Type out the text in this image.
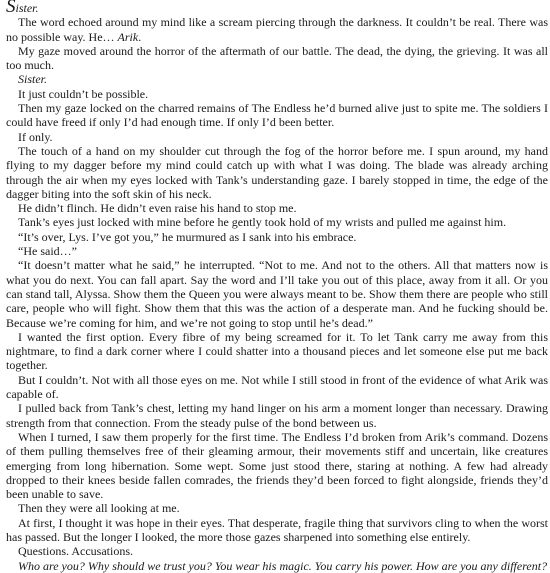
Sister.

The word echoed around my mind like a scream piercing through the darkness. It couldn’t be real. There was no possible way. He… Arik.

My gaze moved around the horror of the aftermath of our battle. The dead, the dying, the grieving. It was all too much.

Sister.

It just couldn’t be possible.

Then my gaze locked on the charred remains of The Endless he’d burned alive just to spite me. The soldiers I could have freed if only I’d had enough time. If only I’d been better.

If only.

The touch of a hand on my shoulder cut through the fog of the horror before me. I spun around, my hand flying to my dagger before my mind could catch up with what I was doing. The blade was already arching through the air when my eyes locked with Tank’s understanding gaze. I barely stopped in time, the edge of the dagger biting into the soft skin of his neck.

He didn’t flinch. He didn’t even raise his hand to stop me.

Tank’s eyes just locked with mine before he gently took hold of my wrists and pulled me against him.

“It’s over, Lys. I’ve got you,” he murmured as I sank into his embrace.

“He said…”

“It doesn’t matter what he said,” he interrupted. “Not to me. And not to the others. All that matters now is what you do next. You can fall apart. Say the word and I’ll take you out of this place, away from it all. Or you can stand tall, Alyssa. Show them the Queen you were always meant to be. Show them there are people who still care, people who will fight. Show them that this was the action of a desperate man. And he fucking should be. Because we’re coming for him, and we’re not going to stop until he’s dead.”

I wanted the first option. Every fibre of my being screamed for it. To let Tank carry me away from this nightmare, to find a dark corner where I could shatter into a thousand pieces and let someone else put me back together.

But I couldn’t. Not with all those eyes on me. Not while I still stood in front of the evidence of what Arik was capable of.

I pulled back from Tank’s chest, letting my hand linger on his arm a moment longer than necessary. Drawing strength from that connection. From the steady pulse of the bond between us.

When I turned, I saw them properly for the first time. The Endless I’d broken from Arik’s command. Dozens of them pulling themselves free of their gleaming armour, their movements stiff and uncertain, like creatures emerging from long hibernation. Some wept. Some just stood there, staring at nothing. A few had already dropped to their knees beside fallen comrades, the friends they’d been forced to fight alongside, friends they’d been unable to save.

Then they were all looking at me.

At first, I thought it was hope in their eyes. That desperate, fragile thing that survivors cling to when the worst has passed. But the longer I looked, the more those gazes sharpened into something else entirely.

Questions. Accusations.

Who are you? Why should we trust you? You wear his magic. You carry his power. How are you any different?
